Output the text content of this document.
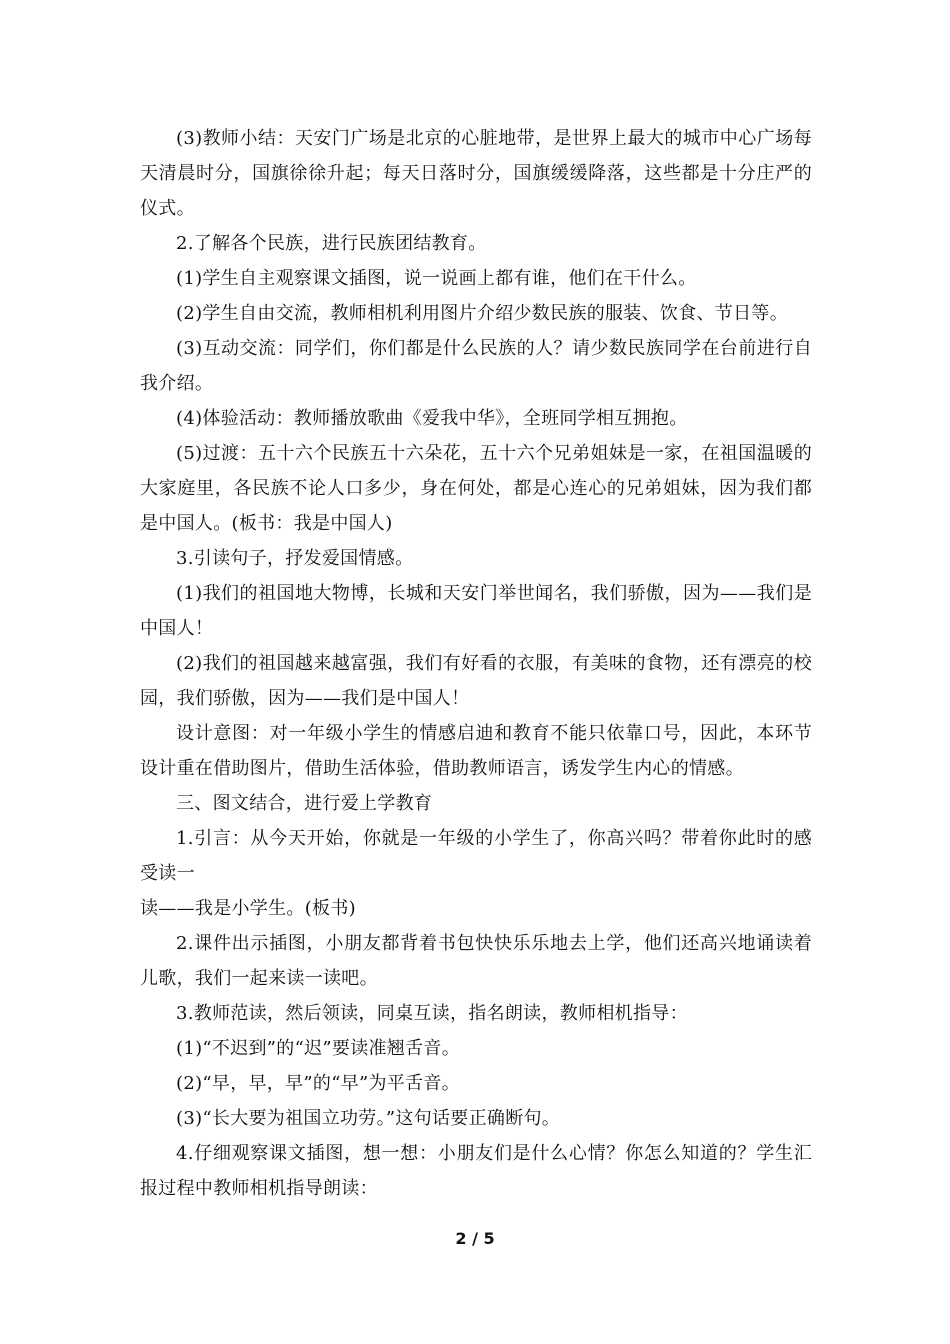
(3)教师小结：天安门广场是北京的心脏地带，是世界上最大的城市中心广场每天清晨时分，国旗徐徐升起；每天日落时分，国旗缓缓降落，这些都是十分庄严的仪式。

2.了解各个民族，进行民族团结教育。

(1)学生自主观察课文插图，说一说画上都有谁，他们在干什么。

(2)学生自由交流，教师相机利用图片介绍少数民族的服装、饮食、节日等。

(3)互动交流：同学们，你们都是什么民族的人？请少数民族同学在台前进行自我介绍。

(4)体验活动：教师播放歌曲《爱我中华》，全班同学相互拥抱。

(5)过渡：五十六个民族五十六朵花，五十六个兄弟姐妹是一家，在祖国温暖的大家庭里，各民族不论人口多少，身在何处，都是心连心的兄弟姐妹，因为我们都是中国人。(板书：我是中国人)

3.引读句子，抒发爱国情感。

(1)我们的祖国地大物博，长城和天安门举世闻名，我们骄傲，因为——我们是中国人！

(2)我们的祖国越来越富强，我们有好看的衣服，有美味的食物，还有漂亮的校园，我们骄傲，因为——我们是中国人！

设计意图：对一年级小学生的情感启迪和教育不能只依靠口号，因此，本环节设计重在借助图片，借助生活体验，借助教师语言，诱发学生内心的情感。

三、图文结合，进行爱上学教育

1.引言：从今天开始，你就是一年级的小学生了，你高兴吗？带着你此时的感受读一

读——我是小学生。(板书)

2.课件出示插图，小朋友都背着书包快快乐乐地去上学，他们还高兴地诵读着儿歌，我们一起来读一读吧。

3.教师范读，然后领读，同桌互读，指名朗读，教师相机指导：

(1)“不迟到”的“迟”要读准翘舌音。

(2)“早，早，早”的“早”为平舌音。

(3)“长大要为祖国立功劳。”这句话要正确断句。

4.仔细观察课文插图，想一想：小朋友们是什么心情？你怎么知道的？学生汇报过程中教师相机指导朗读：

2 / 5
